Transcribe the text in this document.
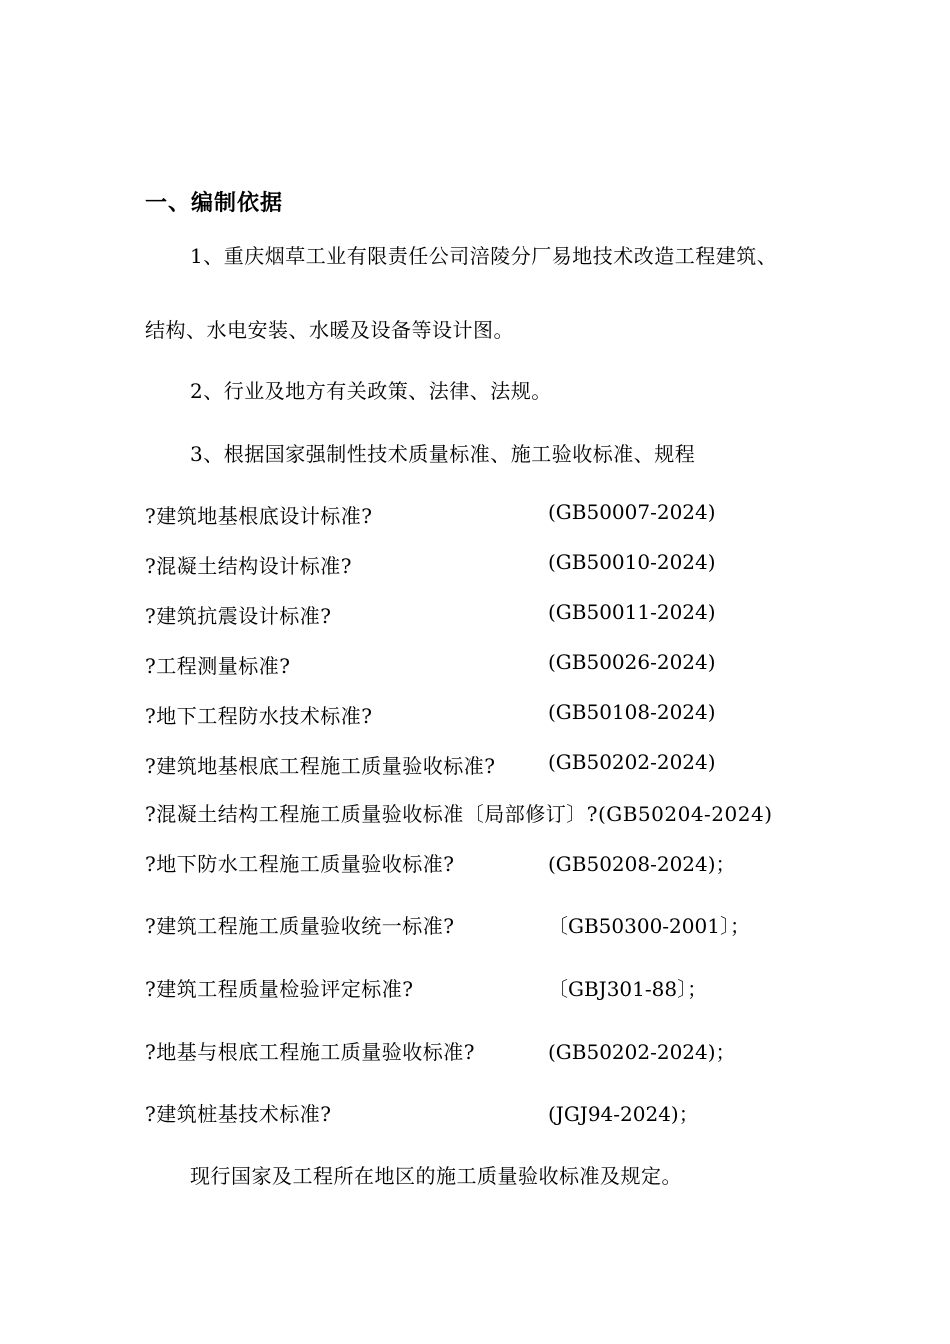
一、编制依据
1、重庆烟草工业有限责任公司涪陵分厂易地技术改造工程建筑、
结构、水电安装、水暖及设备等设计图。
2、行业及地方有关政策、法律、法规。
3、根据国家强制性技术质量标准、施工验收标准、规程
?建筑地基根底设计标准?	(GB50007-2024)
?混凝土结构设计标准?	(GB50010-2024)
?建筑抗震设计标准?	(GB50011-2024)
?工程测量标准?	(GB50026-2024)
?地下工程防水技术标准?	(GB50108-2024)
?建筑地基根底工程施工质量验收标准?	(GB50202-2024)
?混凝土结构工程施工质量验收标准〔局部修订〕?(GB50204-2024)
?地下防水工程施工质量验收标准?	(GB50208-2024)；
?建筑工程施工质量验收统一标准?	〔GB50300-2001〕；
?建筑工程质量检验评定标准?	〔GBJ301-88〕；
?地基与根底工程施工质量验收标准?	(GB50202-2024)；
?建筑桩基技术标准?	(JGJ94-2024)；
现行国家及工程所在地区的施工质量验收标准及规定。
